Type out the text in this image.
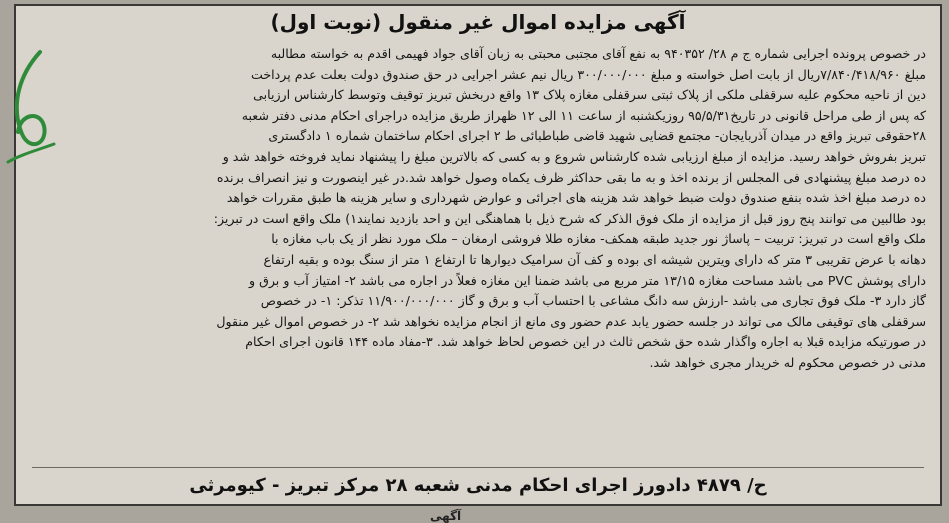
آگهی مزایده اموال غیر منقول (نوبت اول)
در خصوص پرونده اجرایی شماره ج م ۲۸/ ۹۴۰۳۵۲ به نفع آقای مجتبی محبتی به زبان آقای جواد فهیمی اقدم به خواسته مطالبه
مبلغ ۷/۸۴۰/۴۱۸/۹۶۰ریال از بابت اصل خواسته و مبلغ ۳۰۰/۰۰۰/۰۰۰ ریال نیم عشر اجرایی در حق صندوق دولت بعلت عدم پرداخت
دین از ناحیه محکوم علیه سرقفلی ملکی از پلاک ثبتی سرقفلی مغازه پلاک ۱۳ واقع دربخش تبریز توقیف وتوسط کارشناس ارزیابی
که پس از طی مراحل قانونی در تاریخ۹۵/۵/۳۱ روزیکشنبه از ساعت ۱۱ الی ۱۲ ظهراز طریق مزایده دراجرای احکام مدنی دفتر شعبه
۲۸حقوقی تبریز واقع در میدان آذربایجان- مجتمع قضایی شهید قاضی طباطبائی ط ۲ اجرای احکام ساختمان شماره ۱ دادگستری
تبریز بفروش خواهد رسید. مزایده از مبلغ ارزیابی شده کارشناس شروع و به کسی که بالاترین مبلغ را پیشنهاد نماید فروخته خواهد شد و
ده درصد مبلغ پیشنهادی فی المجلس از برنده اخذ و به ما بقی حداکثر ظرف یکماه وصول خواهد شد.در غیر اینصورت و نیز انصراف برنده
ده درصد مبلغ اخذ شده بنفع صندوق دولت ضبط خواهد شد هزینه های اجرائی و عوارض شهرداری و سایر هزینه ها طبق مقررات خواهد
بود طالبین می توانند پنج روز قبل از مزایده از ملک فوق الذکر که شرح ذیل با هماهنگی این و احد بازدید نمایند۱) ملک واقع است در تبریز:
ملک واقع است در تبریز: تربیت – پاساژ نور جدید طبقه همکف- مغازه طلا فروشی ارمغان – ملک مورد نظر از یک باب مغازه با
دهانه با عرض تقریبی ۳ متر که دارای ویترین شیشه ای بوده و کف آن سرامیک دیوارها تا ارتفاع ۱ متر از سنگ بوده و بقیه ارتفاع
دارای پوشش PVC می باشد مساحت مغازه ۱۳/۱۵ متر مربع می باشد ضمنا این مغازه فعلاً در اجاره می باشد ۲- امتیاز آب و برق و
گاز دارد ۳- ملک فوق تجاری می باشد -ارزش سه دانگ مشاعی با احتساب آب و برق و گاز ۱۱/۹۰۰/۰۰۰/۰۰۰ تذکر: ۱- در خصوص
سرقفلی های توقیفی مالک می تواند در جلسه حضور یابد عدم حضور وی مانع از انجام مزایده نخواهد شد ۲- در خصوص اموال غیر منقول
در صورتیکه مزایده قبلا به اجاره واگذار شده حق شخص ثالث در این خصوص لحاظ خواهد شد. ۳-مفاد ماده ۱۴۴ قانون اجرای احکام
مدنی در خصوص محکوم له خریدار مجری خواهد شد.
ح/ ۴۸۷۹ دادورز اجرای احکام مدنی شعبه ۲۸ مرکز تبریز - کیومرثی
آگهی
